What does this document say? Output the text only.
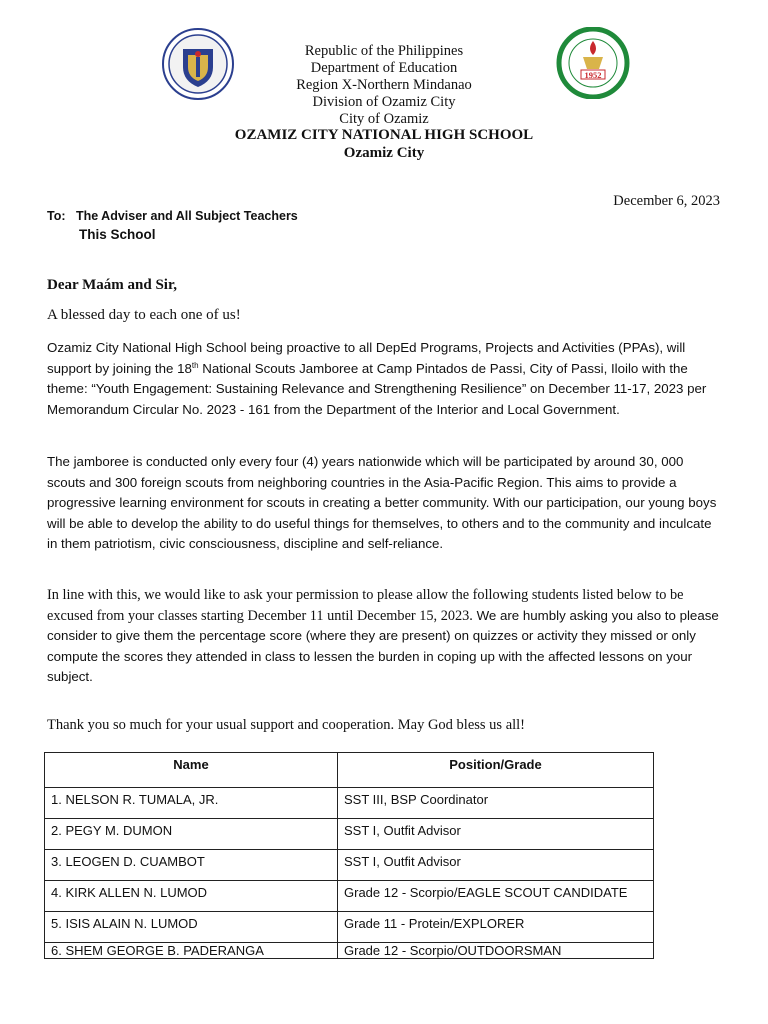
1952
Republic of the Philippines
Department of Education
Region X-Northern Mindanao
Division of Ozamiz City
City of Ozamiz
OZAMIZ CITY NATIONAL HIGH SCHOOL
Ozamiz City
December 6, 2023
To: The Adviser and All Subject Teachers
This School
Dear Maám and Sir,
A blessed day to each one of us!
Ozamiz City National High School being proactive to all DepEd Programs, Projects and Activities (PPAs), will support by joining the 18th National Scouts Jamboree at Camp Pintados de Passi, City of Passi, Iloilo with the theme: “Youth Engagement: Sustaining Relevance and Strengthening Resilience” on December 11-17, 2023 per Memorandum Circular No. 2023 - 161 from the Department of the Interior and Local Government.
The jamboree is conducted only every four (4) years nationwide which will be participated by around 30, 000 scouts and 300 foreign scouts from neighboring countries in the Asia-Pacific Region. This aims to provide a progressive learning environment for scouts in creating a better community. With our participation, our young boys will be able to develop the ability to do useful things for themselves, to others and to the community and inculcate in them patriotism, civic consciousness, discipline and self-reliance.
In line with this, we would like to ask your permission to please allow the following students listed below to be excused from your classes starting December 11 until December 15, 2023. We are humbly asking you also to please consider to give them the percentage score (where they are present) on quizzes or activity they missed or only compute the scores they attended in class to lessen the burden in coping up with the affected lessons on your subject.
Thank you so much for your usual support and cooperation. May God bless us all!
Name	Position/Grade
1. NELSON R. TUMALA, JR.	SST III, BSP Coordinator
2. PEGY M. DUMON	SST I, Outfit Advisor
3. LEOGEN D. CUAMBOT	SST I, Outfit Advisor
4. KIRK ALLEN N. LUMOD	Grade 12 - Scorpio/EAGLE SCOUT CANDIDATE
5. ISIS ALAIN N. LUMOD	Grade 11 - Protein/EXPLORER
6. SHEM GEORGE B. PADERANGA	Grade 12 - Scorpio/OUTDOORSMAN
